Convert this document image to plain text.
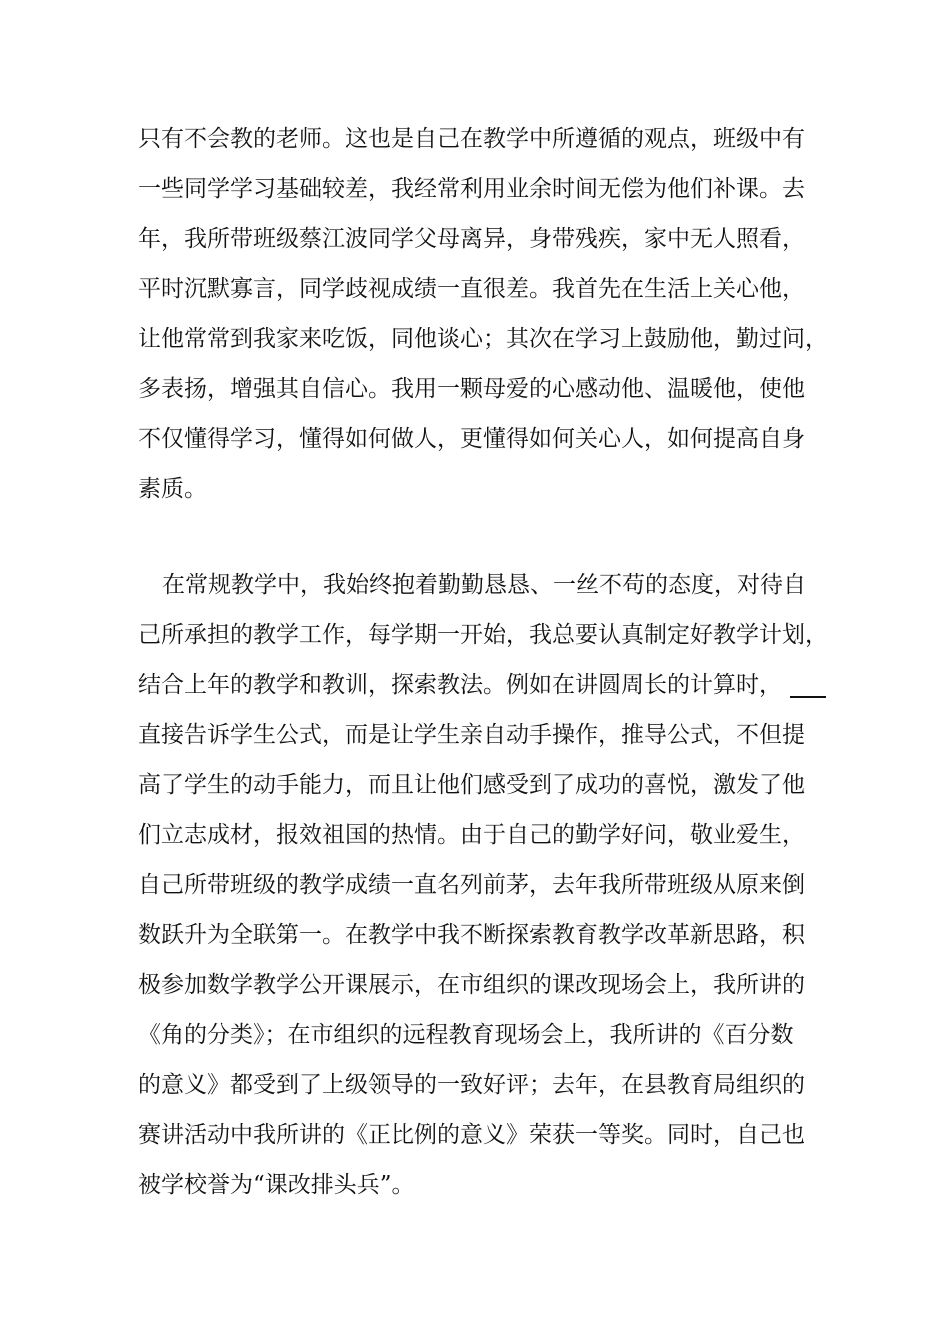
只有不会教的老师。这也是自己在教学中所遵循的观点，班级中有
一些同学学习基础较差，我经常利用业余时间无偿为他们补课。去
年，我所带班级蔡江波同学父母离异，身带残疾，家中无人照看，
平时沉默寡言，同学歧视成绩一直很差。我首先在生活上关心他，
让他常常到我家来吃饭，同他谈心；其次在学习上鼓励他，勤过问，
多表扬，增强其自信心。我用一颗母爱的心感动他、温暖他，使他
不仅懂得学习，懂得如何做人，更懂得如何关心人，如何提高自身
素质。
在常规教学中，我始终抱着勤勤恳恳、一丝不苟的态度，对待自
己所承担的教学工作，每学期一开始，我总要认真制定好教学计划，
结合上年的教学和教训，探索教法。例如在讲圆周长的计算时，
直接告诉学生公式，而是让学生亲自动手操作，推导公式，不但提
高了学生的动手能力，而且让他们感受到了成功的喜悦，激发了他
们立志成材，报效祖国的热情。由于自己的勤学好问，敬业爱生，
自己所带班级的教学成绩一直名列前茅，去年我所带班级从原来倒
数跃升为全联第一。在教学中我不断探索教育教学改革新思路，积
极参加数学教学公开课展示，在市组织的课改现场会上，我所讲的
《角的分类》；在市组织的远程教育现场会上，我所讲的《百分数
的意义》都受到了上级领导的一致好评；去年，在县教育局组织的
赛讲活动中我所讲的《正比例的意义》荣获一等奖。同时，自己也
被学校誉为“课改排头兵”。
